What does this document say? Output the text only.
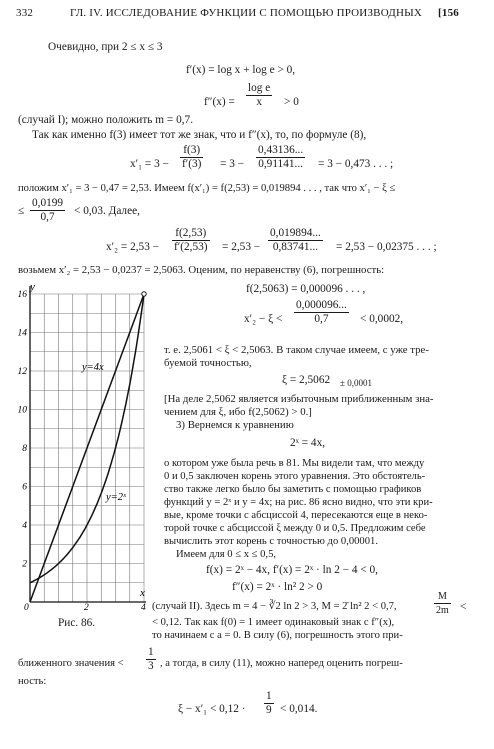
332	ГЛ. IV. ИССЛЕДОВАНИЕ ФУНКЦИИ С ПОМОЩЬЮ ПРОИЗВОДНЫХ [156
Очевидно, при 2 ≤ x ≤ 3
f′(x) = log x + log e > 0,
$f''(x) = \frac{\text{log e}}{x} > 0$
(случай I); можно положить m = 0,7.
Так как именно f(3) имеет тот же знак, что и f″(x), то, по формуле (8),
$x'_1 = 3 - \frac{f(3)}{f'(3)} = 3 - \frac{0,43136...}{0,91141...} = 3 - 0,473$ . . . ;
положим x′₁ = 3 − 0,47 = 2,53. Имеем f(x′₁) = f(2,53) = 0,019894 . . . , так что x′₁ − ξ ≤
≤ $\frac{0,0199}{0,7} < 0,03$. Далее,
$x'_2 = 2,53 - \frac{f(2,53)}{f'(2,53)} = 2,53 - \frac{0,019894...}{0,83741...} = 2,53 - 0,02375$ . . . ;
возьмем x′₂ = 2,53 − 0,0237 = 2,5063. Оценим, по неравенству (6), погрешность:
16
14
12
10
8
6
4
2
0	2	4
y
x
y=4x
y=2ˣ
Рис. 86.
f(2,5063) = 0,000096 . . . ,
$x'_2 - \xi < \frac{0,000096...}{0,7} < 0,0002$,
т. е. 2,5061 < ξ < 2,5063. В таком случае имеем, с уже тре-
буемой точностью,
ξ = 2,5062 ± 0,0001
[На деле 2,5062 является избыточным приближенным зна-
чением для ξ, ибо f(2,5062) > 0.]
3) Вернемся к уравнению
2ˣ = 4x,
о котором уже была речь в 81. Мы видели там, что между
0 и 0,5 заключен корень этого уравнения. Это обстоятель-
ство также легко было бы заметить с помощью графиков
функций y = 2ˣ и y = 4x; на рис. 86 ясно видно, что эти кри-
вые, кроме точки с абсциссой 4, пересекаются еще в неко-
торой точке с абсциссой ξ между 0 и 0,5. Предложим себе
вычислить этот корень с точностью до 0,00001.
Имеем для 0 ≤ x ≤ 0,5,
f(x) = 2ˣ − 4x, f′(x) = 2ˣ · ln 2 − 4 < 0,
f″(x) = 2ˣ · ln² 2 > 0
(случай II). Здесь m = 4 − ∛2 ln 2 > 3, M = 2̄ ln² 2 < 0,7,	$\frac{M}{2m}$ <
< 0,12. Так как f(0) = 1 имеет одинаковый знак с f″(x),
то начинаем с a = 0. В силу (6), погрешность этого при-
ближенного значения < $\frac{1}{3}$ , а тогда, в силу (11), можно наперед оценить погреш-
ность:
$\xi - x'_1 < 0,12 \cdot \frac{1}{9} < 0,014$.
